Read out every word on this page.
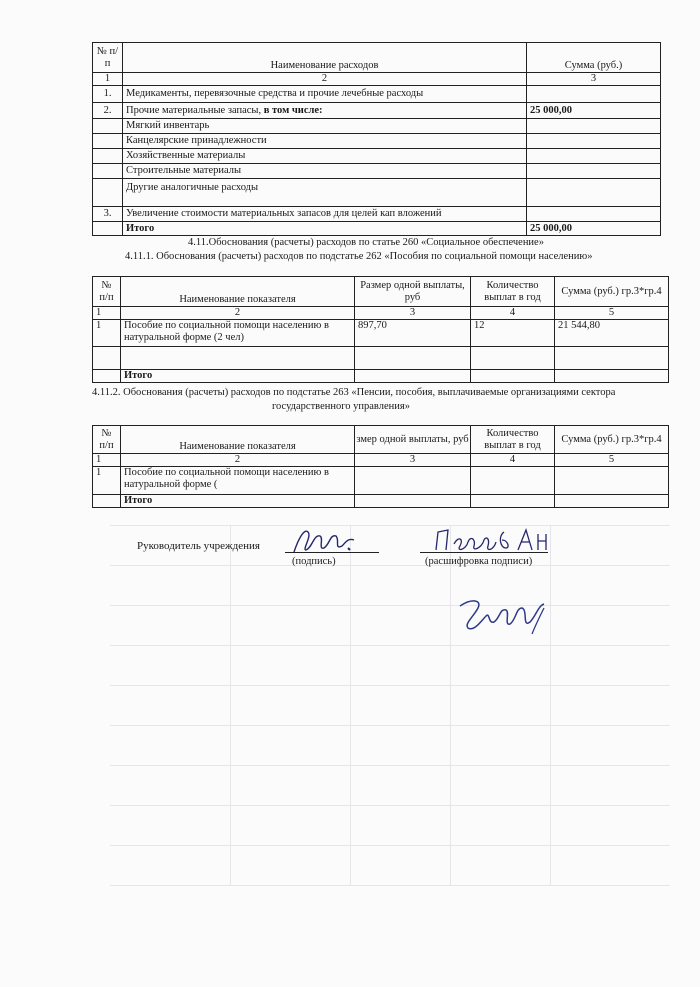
№ п/п	Наименование расходов	Сумма (руб.)
1	2	3
1.	Медикаменты, перевязочные средства и прочие лечебные расходы	
2.	Прочие материальные запасы, в том числе:	25 000,00
	Мягкий инвентарь	
	Канцелярские принадлежности	
	Хозяйственные материалы	
	Строительные материалы	
	Другие аналогичные расходы	
3.	Увеличение стоимости материальных запасов для целей кап вложений	
	Итого	25 000,00
4.11.Обоснования (расчеты) расходов по статье 260 «Социальное обеспечение»
4.11.1. Обоснования (расчеты) расходов по подстатье 262 «Пособия по социальной помощи населению»
№ п/п	Наименование показателя	Размер одной выплаты, руб	Количество выплат в год	Сумма (руб.) гр.3*гр.4
1	2	3	4	5
1	Пособие по социальной помощи населению в натуральной форме (2 чел)	897,70	12	21 544,80

	Итого			
4.11.2. Обоснования (расчеты) расходов по подстатье 263 «Пенсии, пособия, выплачиваемые организациями сектора
государственного управления»
№ п/п	Наименование показателя	змер одной выплаты, руб	Количество выплат в год	Сумма (руб.) гр.3*гр.4
1	2	3	4	5
1	Пособие по социальной помощи населению в натуральной форме (			
	Итого			
Руководитель учреждения
(подпись)	(расшифровка подписи)
